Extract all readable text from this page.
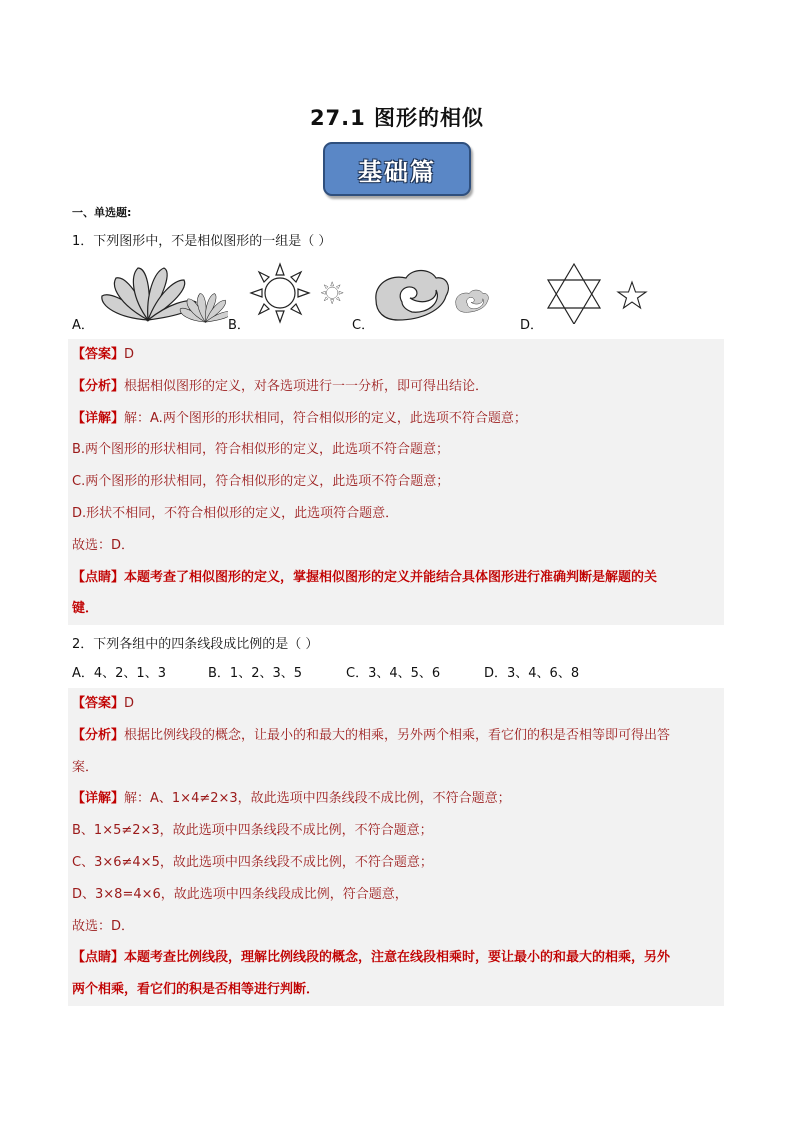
27.1 图形的相似
基础篇
一、单选题:
1．下列图形中，不是相似图形的一组是（ ）
A．	B．	C．	D．
【答案】D
【分析】根据相似图形的定义，对各选项进行一一分析，即可得出结论．
【详解】解：A.两个图形的形状相同，符合相似形的定义，此选项不符合题意；
B.两个图形的形状相同，符合相似形的定义，此选项不符合题意；
C.两个图形的形状相同，符合相似形的定义，此选项不符合题意；
D.形状不相同，不符合相似形的定义，此选项符合题意．
故选：D．
【点睛】本题考查了相似图形的定义，掌握相似图形的定义并能结合具体图形进行准确判断是解题的关
键．
2．下列各组中的四条线段成比例的是（ ）
A．4、2、1、3	B．1、2、3、5	C．3、4、5、6	D．3、4、6、8
【答案】D
【分析】根据比例线段的概念，让最小的和最大的相乘，另外两个相乘，看它们的积是否相等即可得出答
案．
【详解】解：A、1×4≠2×3，故此选项中四条线段不成比例，不符合题意；
B、1×5≠2×3，故此选项中四条线段不成比例，不符合题意；
C、3×6≠4×5，故此选项中四条线段不成比例，不符合题意；
D、3×8=4×6，故此选项中四条线段成比例，符合题意，
故选：D．
【点睛】本题考查比例线段，理解比例线段的概念，注意在线段相乘时，要让最小的和最大的相乘，另外
两个相乘，看它们的积是否相等进行判断．
